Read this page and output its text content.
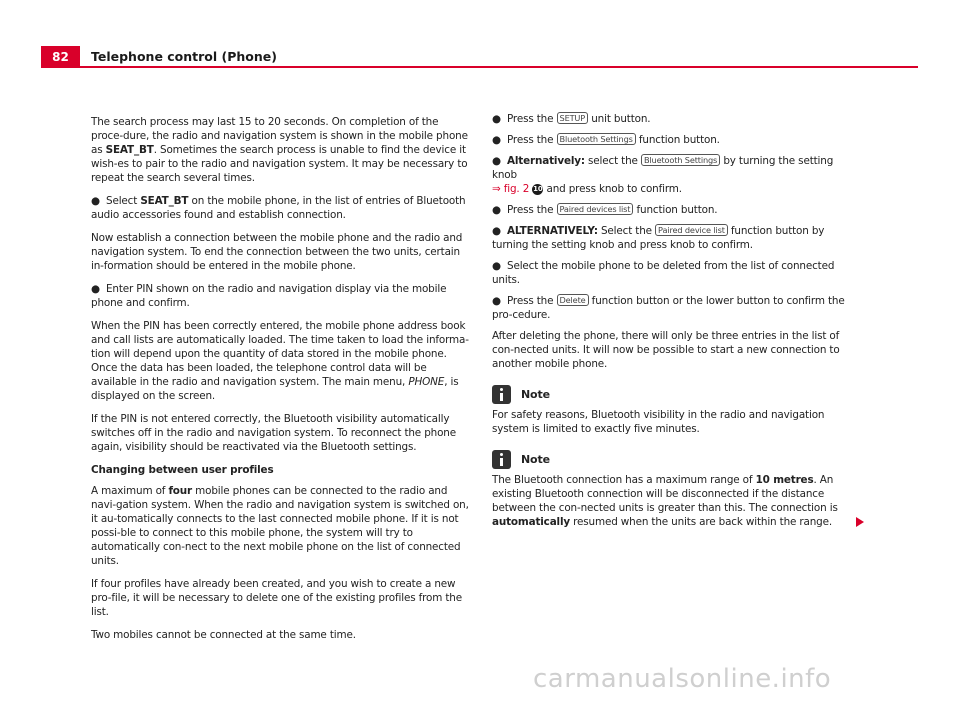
82	Telephone control (Phone)

The search process may last 15 to 20 seconds. On completion of the proce-dure, the radio and navigation system is shown in the mobile phone as SEAT_BT. Sometimes the search process is unable to find the device it wish-es to pair to the radio and navigation system. It may be necessary to repeat the search several times.

● Select SEAT_BT on the mobile phone, in the list of entries of Bluetooth audio accessories found and establish connection.

Now establish a connection between the mobile phone and the radio and navigation system. To end the connection between the two units, certain in-formation should be entered in the mobile phone.

● Enter PIN shown on the radio and navigation display via the mobile phone and confirm.

When the PIN has been correctly entered, the mobile phone address book and call lists are automatically loaded. The time taken to load the informa-tion will depend upon the quantity of data stored in the mobile phone. Once the data has been loaded, the telephone control data will be available in the radio and navigation system. The main menu, PHONE, is displayed on the screen.

If the PIN is not entered correctly, the Bluetooth visibility automatically switches off in the radio and navigation system. To reconnect the phone again, visibility should be reactivated via the Bluetooth settings.

Changing between user profiles

A maximum of four mobile phones can be connected to the radio and navi-gation system. When the radio and navigation system is switched on, it au-tomatically connects to the last connected mobile phone. If it is not possi-ble to connect to this mobile phone, the system will try to automatically con-nect to the next mobile phone on the list of connected units.

If four profiles have already been created, and you wish to create a new pro-file, it will be necessary to delete one of the existing profiles from the list.

Two mobiles cannot be connected at the same time.

● Press the SETUP unit button.

● Press the Bluetooth Settings function button.

● Alternatively: select the Bluetooth Settings by turning the setting knob
⇒ fig. 2 10 and press knob to confirm.

● Press the Paired devices list function button.

● ALTERNATIVELY: Select the Paired device list function button by turning the setting knob and press knob to confirm.

● Select the mobile phone to be deleted from the list of connected units.

● Press the Delete function button or the lower button to confirm the pro-cedure.

After deleting the phone, there will only be three entries in the list of con-nected units. It will now be possible to start a new connection to another mobile phone.

Note

For safety reasons, Bluetooth visibility in the radio and navigation system is limited to exactly five minutes.

Note

The Bluetooth connection has a maximum range of 10 metres. An existing Bluetooth connection will be disconnected if the distance between the con-nected units is greater than this. The connection is automatically resumed when the units are back within the range.

carmanualsonline.info
